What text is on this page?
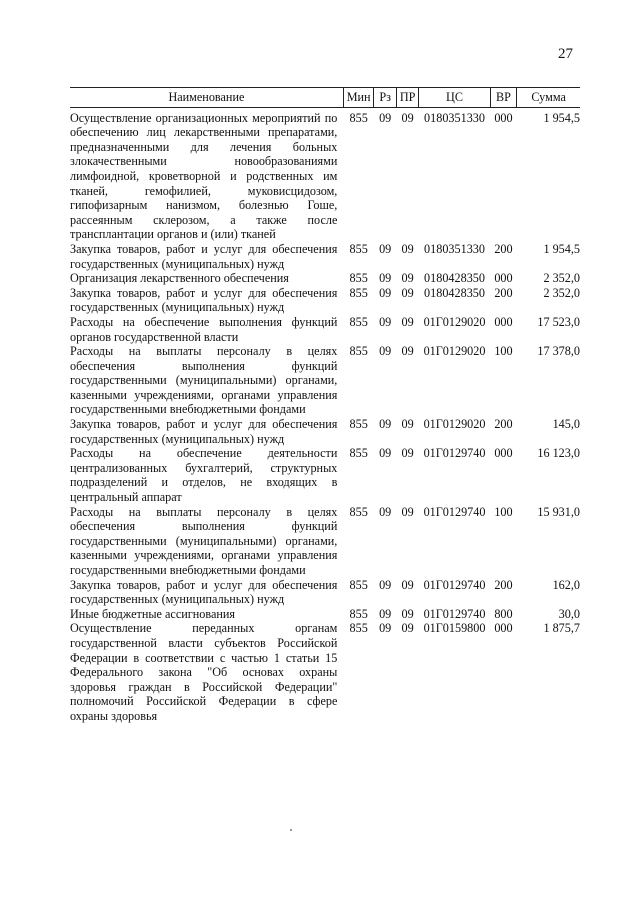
27
Наименование	Мин	Рз	ПР	ЦС	ВР	Сумма
Осуществление организационных мероприятий по обеспечению лиц лекарственными препаратами, предназначенными для лечения больных злокачественными новообразованиями лимфоидной, кроветворной и родственных им тканей, гемофилией, муковисцидозом, гипофизарным нанизмом, болезнью Гоше, рассеянным склерозом, а также после трансплантации органов и (или) тканей	855	09	09	0180351330	000	1 954,5
Закупка товаров, работ и услуг для обеспечения государственных (муниципальных) нужд	855	09	09	0180351330	200	1 954,5
Организация лекарственного обеспечения	855	09	09	0180428350	000	2 352,0
Закупка товаров, работ и услуг для обеспечения государственных (муниципальных) нужд	855	09	09	0180428350	200	2 352,0
Расходы на обеспечение выполнения функций органов государственной власти	855	09	09	01Г0129020	000	17 523,0
Расходы на выплаты персоналу в целях обеспечения выполнения функций государственными (муниципальными) органами, казенными учреждениями, органами управления государственными внебюджетными фондами	855	09	09	01Г0129020	100	17 378,0
Закупка товаров, работ и услуг для обеспечения государственных (муниципальных) нужд	855	09	09	01Г0129020	200	145,0
Расходы на обеспечение деятельности централизованных бухгалтерий, структурных подразделений и отделов, не входящих в центральный аппарат	855	09	09	01Г0129740	000	16 123,0
Расходы на выплаты персоналу в целях обеспечения выполнения функций государственными (муниципальными) органами, казенными учреждениями, органами управления государственными внебюджетными фондами	855	09	09	01Г0129740	100	15 931,0
Закупка товаров, работ и услуг для обеспечения государственных (муниципальных) нужд	855	09	09	01Г0129740	200	162,0
Иные бюджетные ассигнования	855	09	09	01Г0129740	800	30,0
Осуществление переданных органам государственной власти субъектов Российской Федерации в соответствии с частью 1 статьи 15 Федерального закона "Об основах охраны здоровья граждан в Российской Федерации" полномочий Российской Федерации в сфере охраны здоровья	855	09	09	01Г0159800	000	1 875,7
